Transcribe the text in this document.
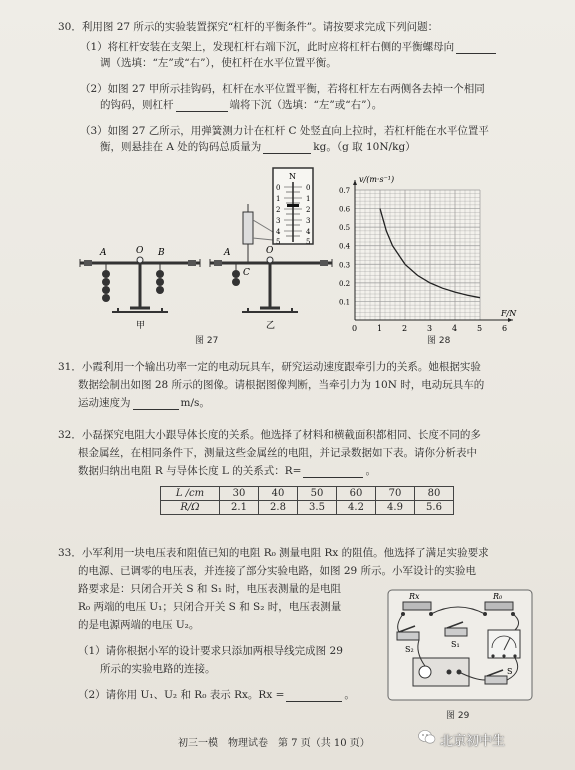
30．利用图 27 所示的实验装置探究“杠杆的平衡条件”。请按要求完成下列问题：
（1）将杠杆安装在支架上，发现杠杆右端下沉，此时应将杠杆右侧的平衡螺母向
调（选填：“左”或“右”），使杠杆在水平位置平衡。
（2）如图 27 甲所示挂钩码，杠杆在水平位置平衡，若将杠杆左右两侧各去掉一个相同
的钩码，则杠杆	端将下沉（选填：“左”或“右”）。
（3）如图 27 乙所示，用弹簧测力计在杠杆 C 处竖直向上拉时，若杠杆能在水平位置平
衡，则悬挂在 A 处的钩码总质量为	kg。（g 取 10N/kg）
A	O B
甲
A	O
C
乙
N
0
1
2
3
4
5
0
1
2
3
4
5
图 27
0 1 2 3 4 5 6
0.1
0.2
0.3
0.4
0.5
0.6
0.7
F/N
v/(m·s⁻¹)
图 28
31．小霞利用一个输出功率一定的电动玩具车，研究运动速度跟牵引力的关系。她根据实验
数据绘制出如图 28 所示的图像。请根据图像判断，当牵引力为 10N 时，电动玩具车的
运动速度为	m/s。
32．小磊探究电阻大小跟导体长度的关系。他选择了材料和横截面积都相同、长度不同的多
根金属丝，在相同条件下，测量这些金属丝的电阻，并记录数据如下表。请你分析表中
数据归纳出电阻 R 与导体长度 L 的关系式：R=	。
L /cm	30	40	50	60	70	80
R/Ω	2.1	2.8	3.5	4.2	4.9	5.6
33．小军利用一块电压表和阻值已知的电阻 R₀ 测量电阻 Rx 的阻值。他选择了满足实验要求
的电源、已调零的电压表，并连接了部分实验电路，如图 29 所示。小军设计的实验电
路要求是：只闭合开关 S 和 S₁ 时，电压表测量的是电阻
R₀ 两端的电压 U₁；只闭合开关 S 和 S₂ 时，电压表测量
的是电源两端的电压 U₂。
（1）请你根据小军的设计要求只添加两根导线完成图 29
所示的实验电路的连接。
（2）请你用 U₁、U₂ 和 R₀ 表示 Rx。Rx =	。
Rx	R₀
S₂
S₁
S
图 29
初三一模　物理试卷　第 7 页（共 10 页）	北京初中生
